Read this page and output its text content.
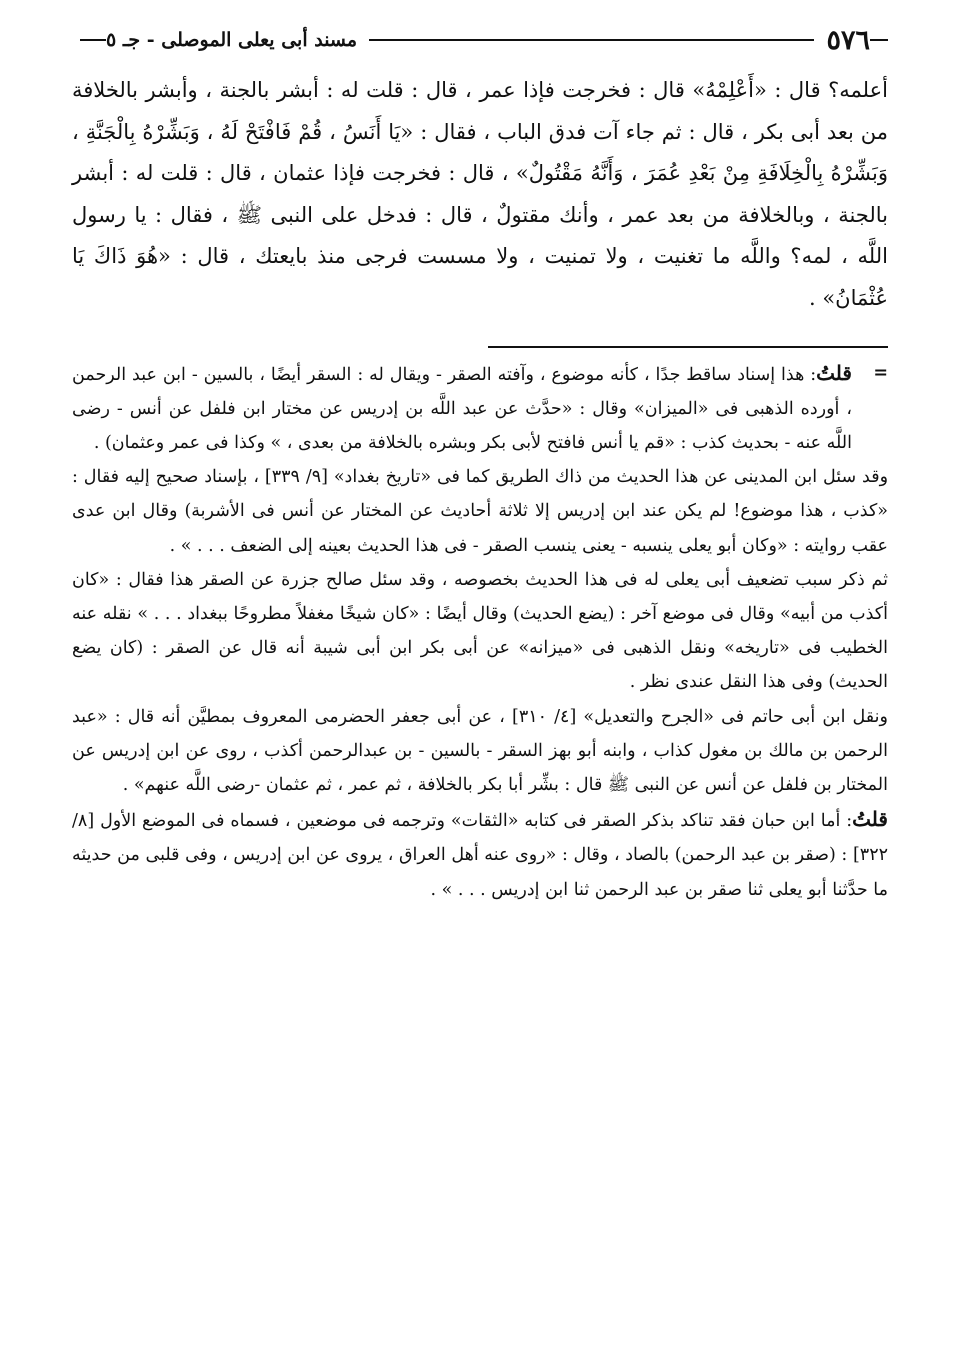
٥٧٦
مسند أبى يعلى الموصلى - جـ ٥

أعلمه؟ قال : «أَعْلِمْهُ» قال : فخرجت فإذا عمر ، قال : قلت له : أبشر بالجنة ، وأبشر بالخلافة من بعد أبى بكر ، قال : ثم جاء آت فدق الباب ، فقال : «يَا أَنَسُ ، قُمْ فَافْتَحْ لَهُ ، وَبَشِّرْهُ بِالْجَنَّةِ ، وَبَشِّرْهُ بِالْخِلَافَةِ مِنْ بَعْدِ عُمَرَ ، وَأَنَّهُ مَقْتُولٌ» ، قال : فخرجت فإذا عثمان ، قال : قلت له : أبشر بالجنة ، وبالخلافة من بعد عمر ، وأنك مقتولٌ ، قال : فدخل على النبى ﷺ ، فقال : يا رسول اللَّه ، لمه؟ واللَّه ما تغنيت ، ولا تمنيت ، ولا مسست فرجى منذ بايعتك ، قال : «هُوَ ذَاكَ يَا عُثْمَانُ» .

=
قلتُ: هذا إسناد ساقط جدًا ، كأنه موضوع ، وآفته الصقر - ويقال له : السقر أيضًا ، بالسين - ابن عبد الرحمن ، أورده الذهبى فى «الميزان» وقال : «حدَّث عن عبد اللَّه بن إدريس عن مختار ابن فلفل عن أنس - رضى اللَّه عنه - بحديث كذب : «قم يا أنس فافتح لأبى بكر وبشره بالخلافة من بعدى ، » وكذا فى عمر وعثمان) .

وقد سئل ابن المدينى عن هذا الحديث من ذاك الطريق كما فى «تاريخ بغداد» [٩/ ٣٣٩] ، بإسناد صحيح إليه فقال : «كذب ، هذا موضوع! لم يكن عند ابن إدريس إلا ثلاثة أحاديث عن المختار عن أنس فى الأشربة) وقال ابن عدى عقب روايته : «وكان أبو يعلى ينسبه - يعنى ينسب الصقر - فى هذا الحديث بعينه إلى الضعف . . . » .

ثم ذكر سبب تضعيف أبى يعلى له فى هذا الحديث بخصوصه ، وقد سئل صالح جزرة عن الصقر هذا فقال : «كان أكذب من أبيه» وقال فى موضع آخر : (يضع الحديث) وقال أيضًا : «كان شيخًا مغفلاً مطروحًا ببغداد . . . » نقله عنه الخطيب فى «تاريخه» ونقل الذهبى فى «ميزانه» عن أبى بكر ابن أبى شيبة أنه قال عن الصقر : (كان يضع الحديث) وفى هذا النقل عندى نظر .

ونقل ابن أبى حاتم فى «الجرح والتعديل» [٤/ ٣١٠] ، عن أبى جعفر الحضرمى المعروف بمطيَّن أنه قال : «عبد الرحمن بن مالك بن مغول كذاب ، وابنه أبو بهز السقر - بالسين - بن عبدالرحمن أكذب ، روى عن ابن إدريس عن المختار بن فلفل عن أنس عن النبى ﷺ قال : بشِّر أبا بكر بالخلافة ، ثم عمر ، ثم عثمان -رضى اللَّه عنهم» .

قلتُ: أما ابن حبان فقد تناكد بذكر الصقر فى كتابه «الثقات» وترجمه فى موضعين ، فسماه فى الموضع الأول [٨/ ٣٢٢] : (صقر بن عبد الرحمن) بالصاد ، وقال : «روى عنه أهل العراق ، يروى عن ابن إدريس ، وفى قلبى من حديثه ما حدَّثنا أبو يعلى ثنا صقر بن عبد الرحمن ثنا ابن إدريس . . . » .
